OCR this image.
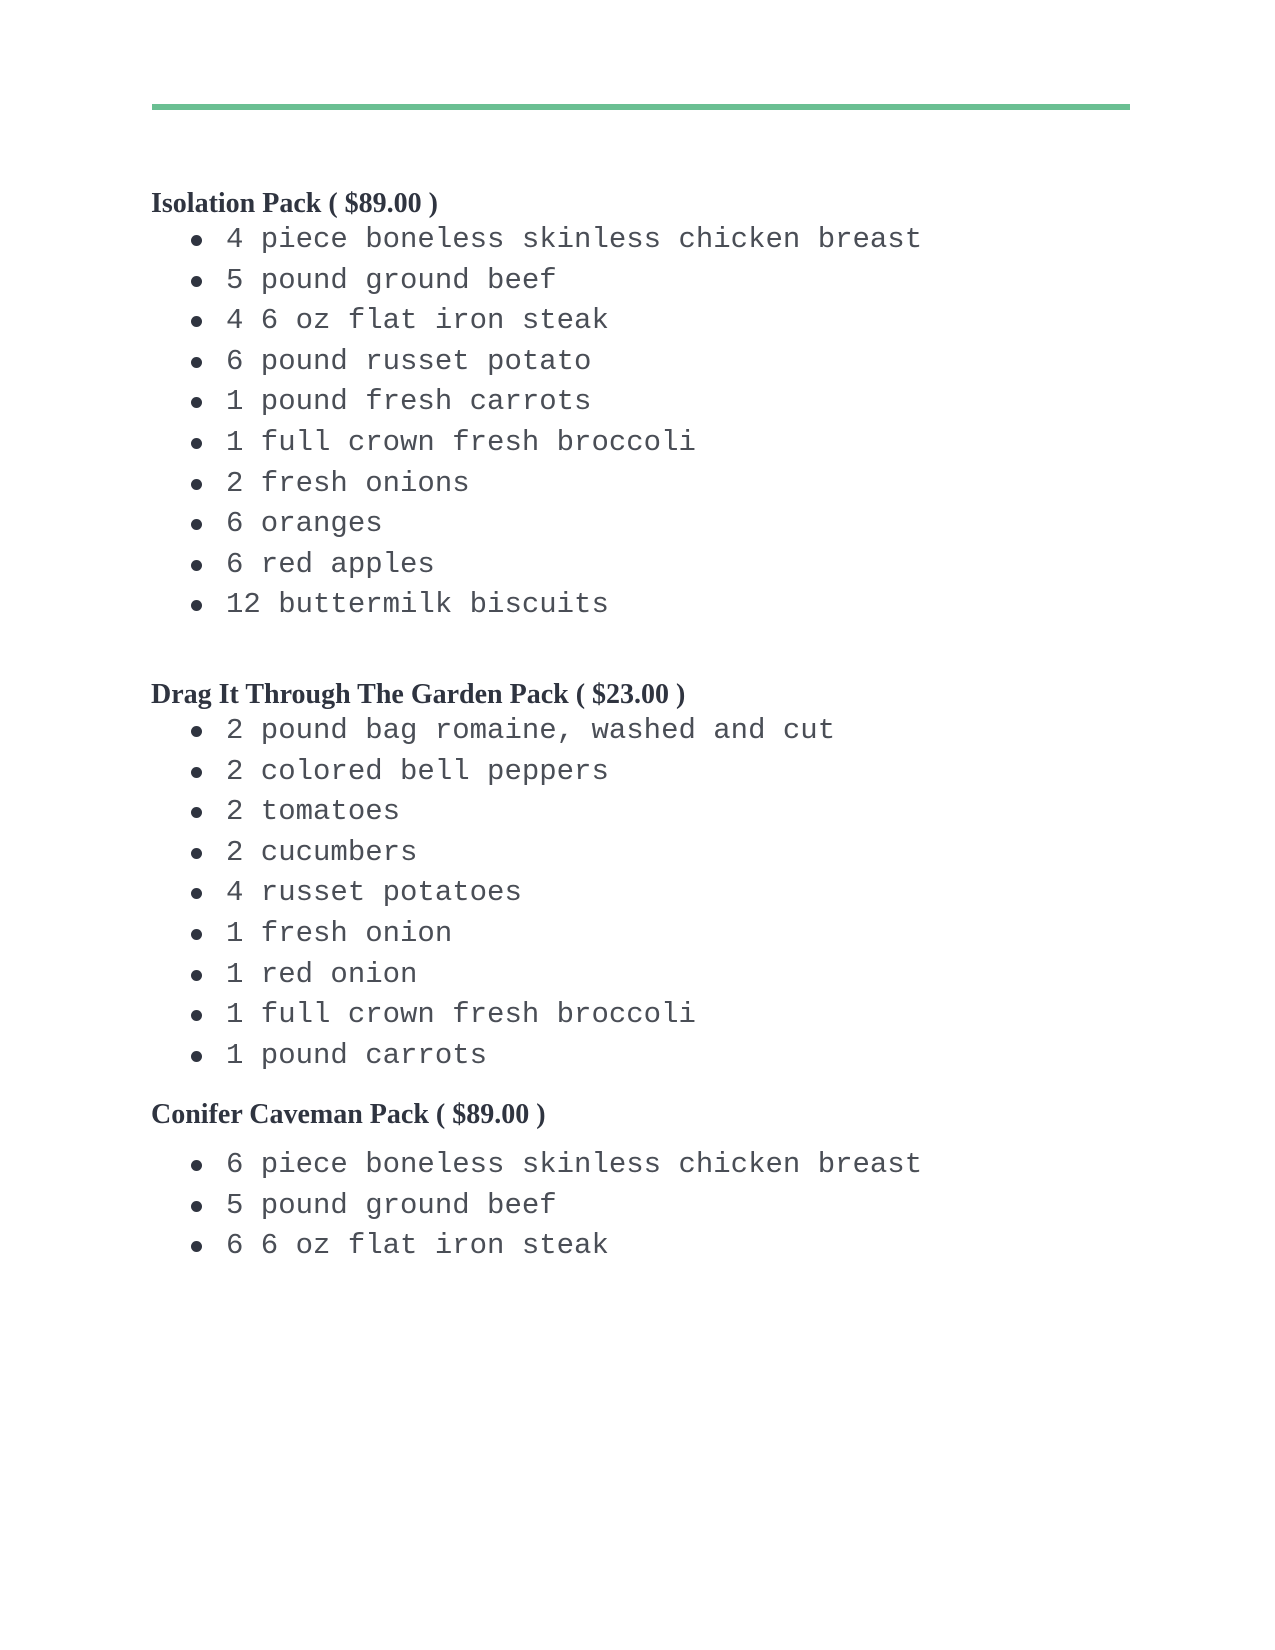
Isolation Pack ( $89.00 )
4 piece boneless skinless chicken breast
5 pound ground beef
4 6 oz flat iron steak
6 pound russet potato
1 pound fresh carrots
1 full crown fresh broccoli
2 fresh onions
6 oranges
6 red apples
12 buttermilk biscuits
Drag It Through The Garden Pack ( $23.00 )
2 pound bag romaine, washed and cut
2 colored bell peppers
2 tomatoes
2 cucumbers
4 russet potatoes
1 fresh onion
1 red onion
1 full crown fresh broccoli
1 pound carrots
Conifer Caveman Pack ( $89.00 )
6 piece boneless skinless chicken breast
5 pound ground beef
6 6 oz flat iron steak
